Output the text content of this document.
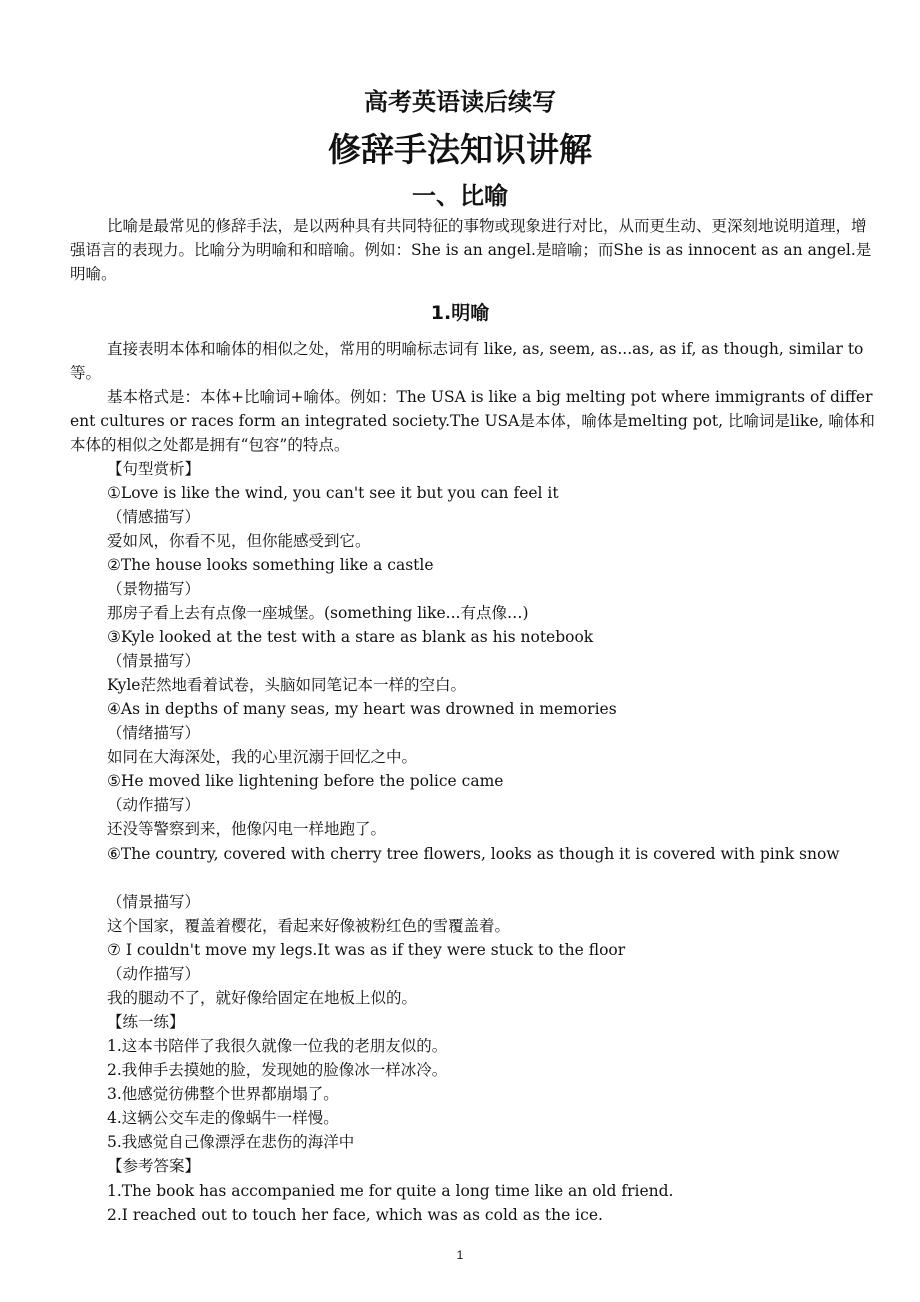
高考英语读后续写
修辞手法知识讲解
一、比喻

比喻是最常见的修辞手法，是以两种具有共同特征的事物或现象进行对比，从而更生动、更深刻地说明道理，增强语言的表现力。比喻分为明喻和和暗喻。例如：She is an angel.是暗喻；而She is as innocent as an angel.是明喻。

1.明喻

直接表明本体和喻体的相似之处，常用的明喻标志词有 like, as, seem, as...as, as if, as though, similar to等。

基本格式是：本体+比喻词+喻体。例如：The USA is like a big melting pot where immigrants of different cultures or races form an integrated society.The USA是本体，喻体是melting pot, 比喻词是like, 喻体和本体的相似之处都是拥有“包容”的特点。

【句型赏析】
①Love is like the wind, you can't see it but you can feel it
（情感描写）
爱如风，你看不见，但你能感受到它。
②The house looks something like a castle
（景物描写）
那房子看上去有点像一座城堡。(something like...有点像…)
③Kyle looked at the test with a stare as blank as his notebook
（情景描写）
Kyle茫然地看着试卷，头脑如同笔记本一样的空白。
④As in depths of many seas, my heart was drowned in memories
（情绪描写）
如同在大海深处，我的心里沉溺于回忆之中。
⑤He moved like lightening before the police came
（动作描写）
还没等警察到来，他像闪电一样地跑了。

⑥The country, covered with cherry tree flowers, looks as though it is covered with pink snow

（情景描写）
这个国家，覆盖着樱花，看起来好像被粉红色的雪覆盖着。
⑦ I couldn't move my legs.It was as if they were stuck to the floor
（动作描写）
我的腿动不了，就好像给固定在地板上似的。
【练一练】
1.这本书陪伴了我很久就像一位我的老朋友似的。
2.我伸手去摸她的脸，发现她的脸像冰一样冰冷。
3.他感觉彷佛整个世界都崩塌了。
4.这辆公交车走的像蜗牛一样慢。
5.我感觉自己像漂浮在悲伤的海洋中
【参考答案】
1.The book has accompanied me for quite a long time like an old friend.
2.I reached out to touch her face, which was as cold as the ice.
1
